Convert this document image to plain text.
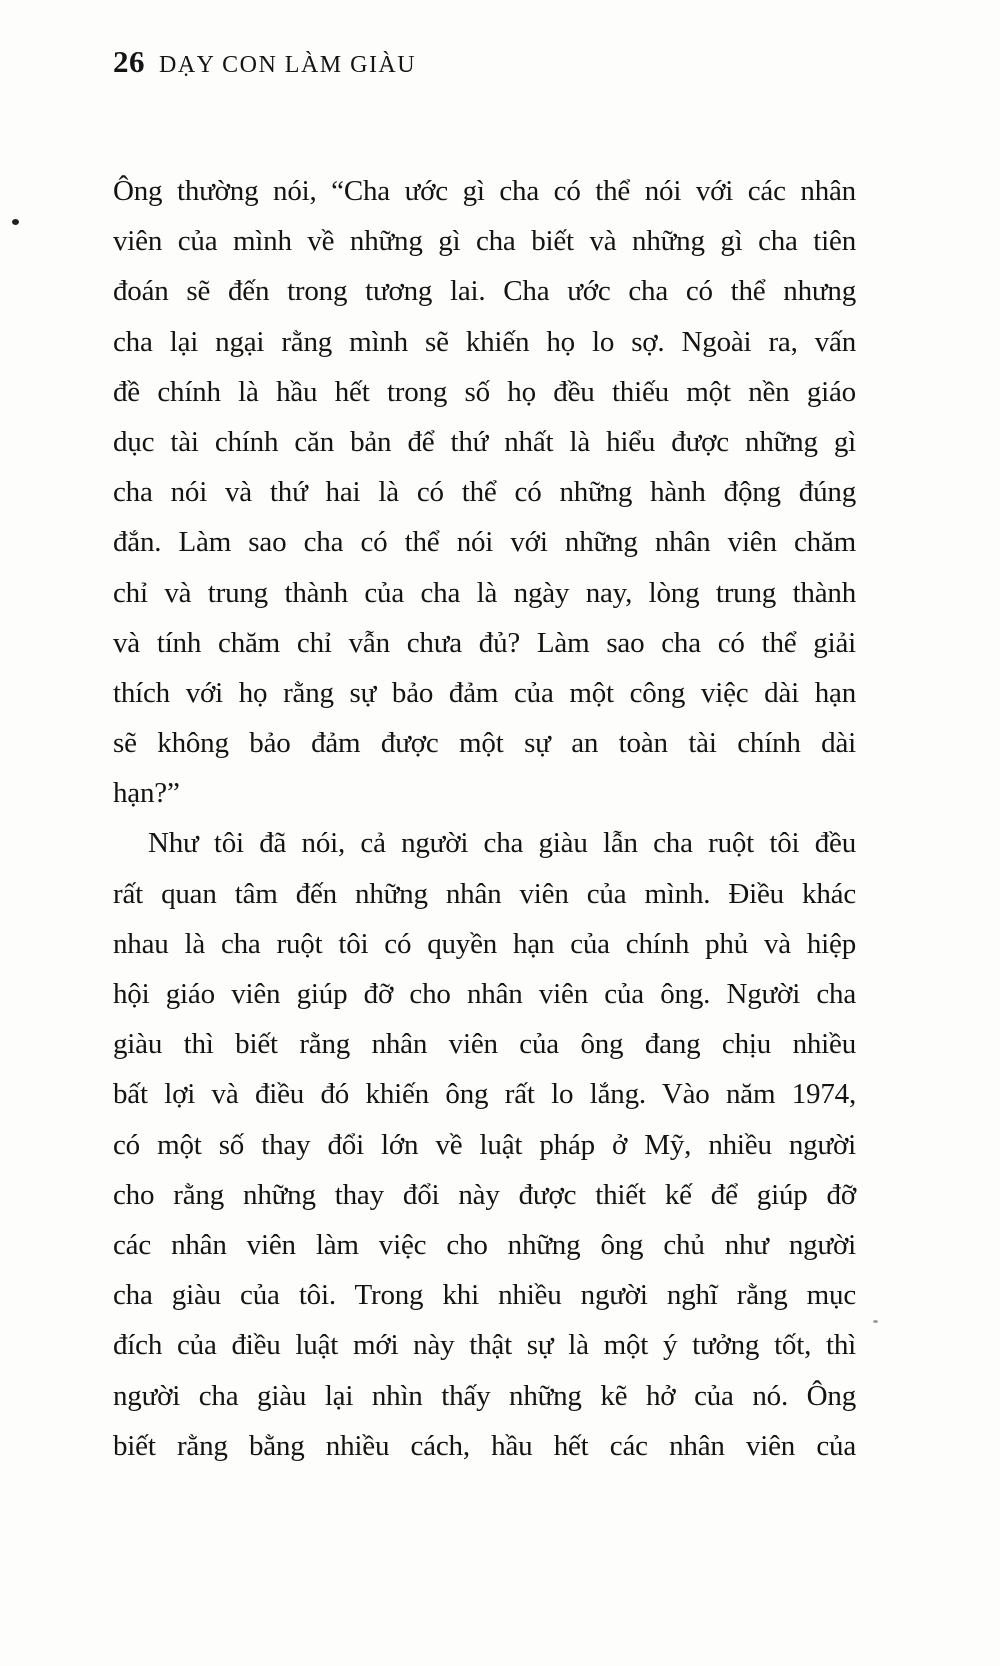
26 DẠY CON LÀM GIÀU
Ông thường nói, “Cha ước gì cha có thể nói với các nhân
viên của mình về những gì cha biết và những gì cha tiên
đoán sẽ đến trong tương lai. Cha ước cha có thể nhưng
cha lại ngại rằng mình sẽ khiến họ lo sợ. Ngoài ra, vấn
đề chính là hầu hết trong số họ đều thiếu một nền giáo
dục tài chính căn bản để thứ nhất là hiểu được những gì
cha nói và thứ hai là có thể có những hành động đúng
đắn. Làm sao cha có thể nói với những nhân viên chăm
chỉ và trung thành của cha là ngày nay, lòng trung thành
và tính chăm chỉ vẫn chưa đủ? Làm sao cha có thể giải
thích với họ rằng sự bảo đảm của một công việc dài hạn
sẽ không bảo đảm được một sự an toàn tài chính dài
hạn?”
Như tôi đã nói, cả người cha giàu lẫn cha ruột tôi đều
rất quan tâm đến những nhân viên của mình. Điều khác
nhau là cha ruột tôi có quyền hạn của chính phủ và hiệp
hội giáo viên giúp đỡ cho nhân viên của ông. Người cha
giàu thì biết rằng nhân viên của ông đang chịu nhiều
bất lợi và điều đó khiến ông rất lo lắng. Vào năm 1974,
có một số thay đổi lớn về luật pháp ở Mỹ, nhiều người
cho rằng những thay đổi này được thiết kế để giúp đỡ
các nhân viên làm việc cho những ông chủ như người
cha giàu của tôi. Trong khi nhiều người nghĩ rằng mục
đích của điều luật mới này thật sự là một ý tưởng tốt, thì
người cha giàu lại nhìn thấy những kẽ hở của nó. Ông
biết rằng bằng nhiều cách, hầu hết các nhân viên của
